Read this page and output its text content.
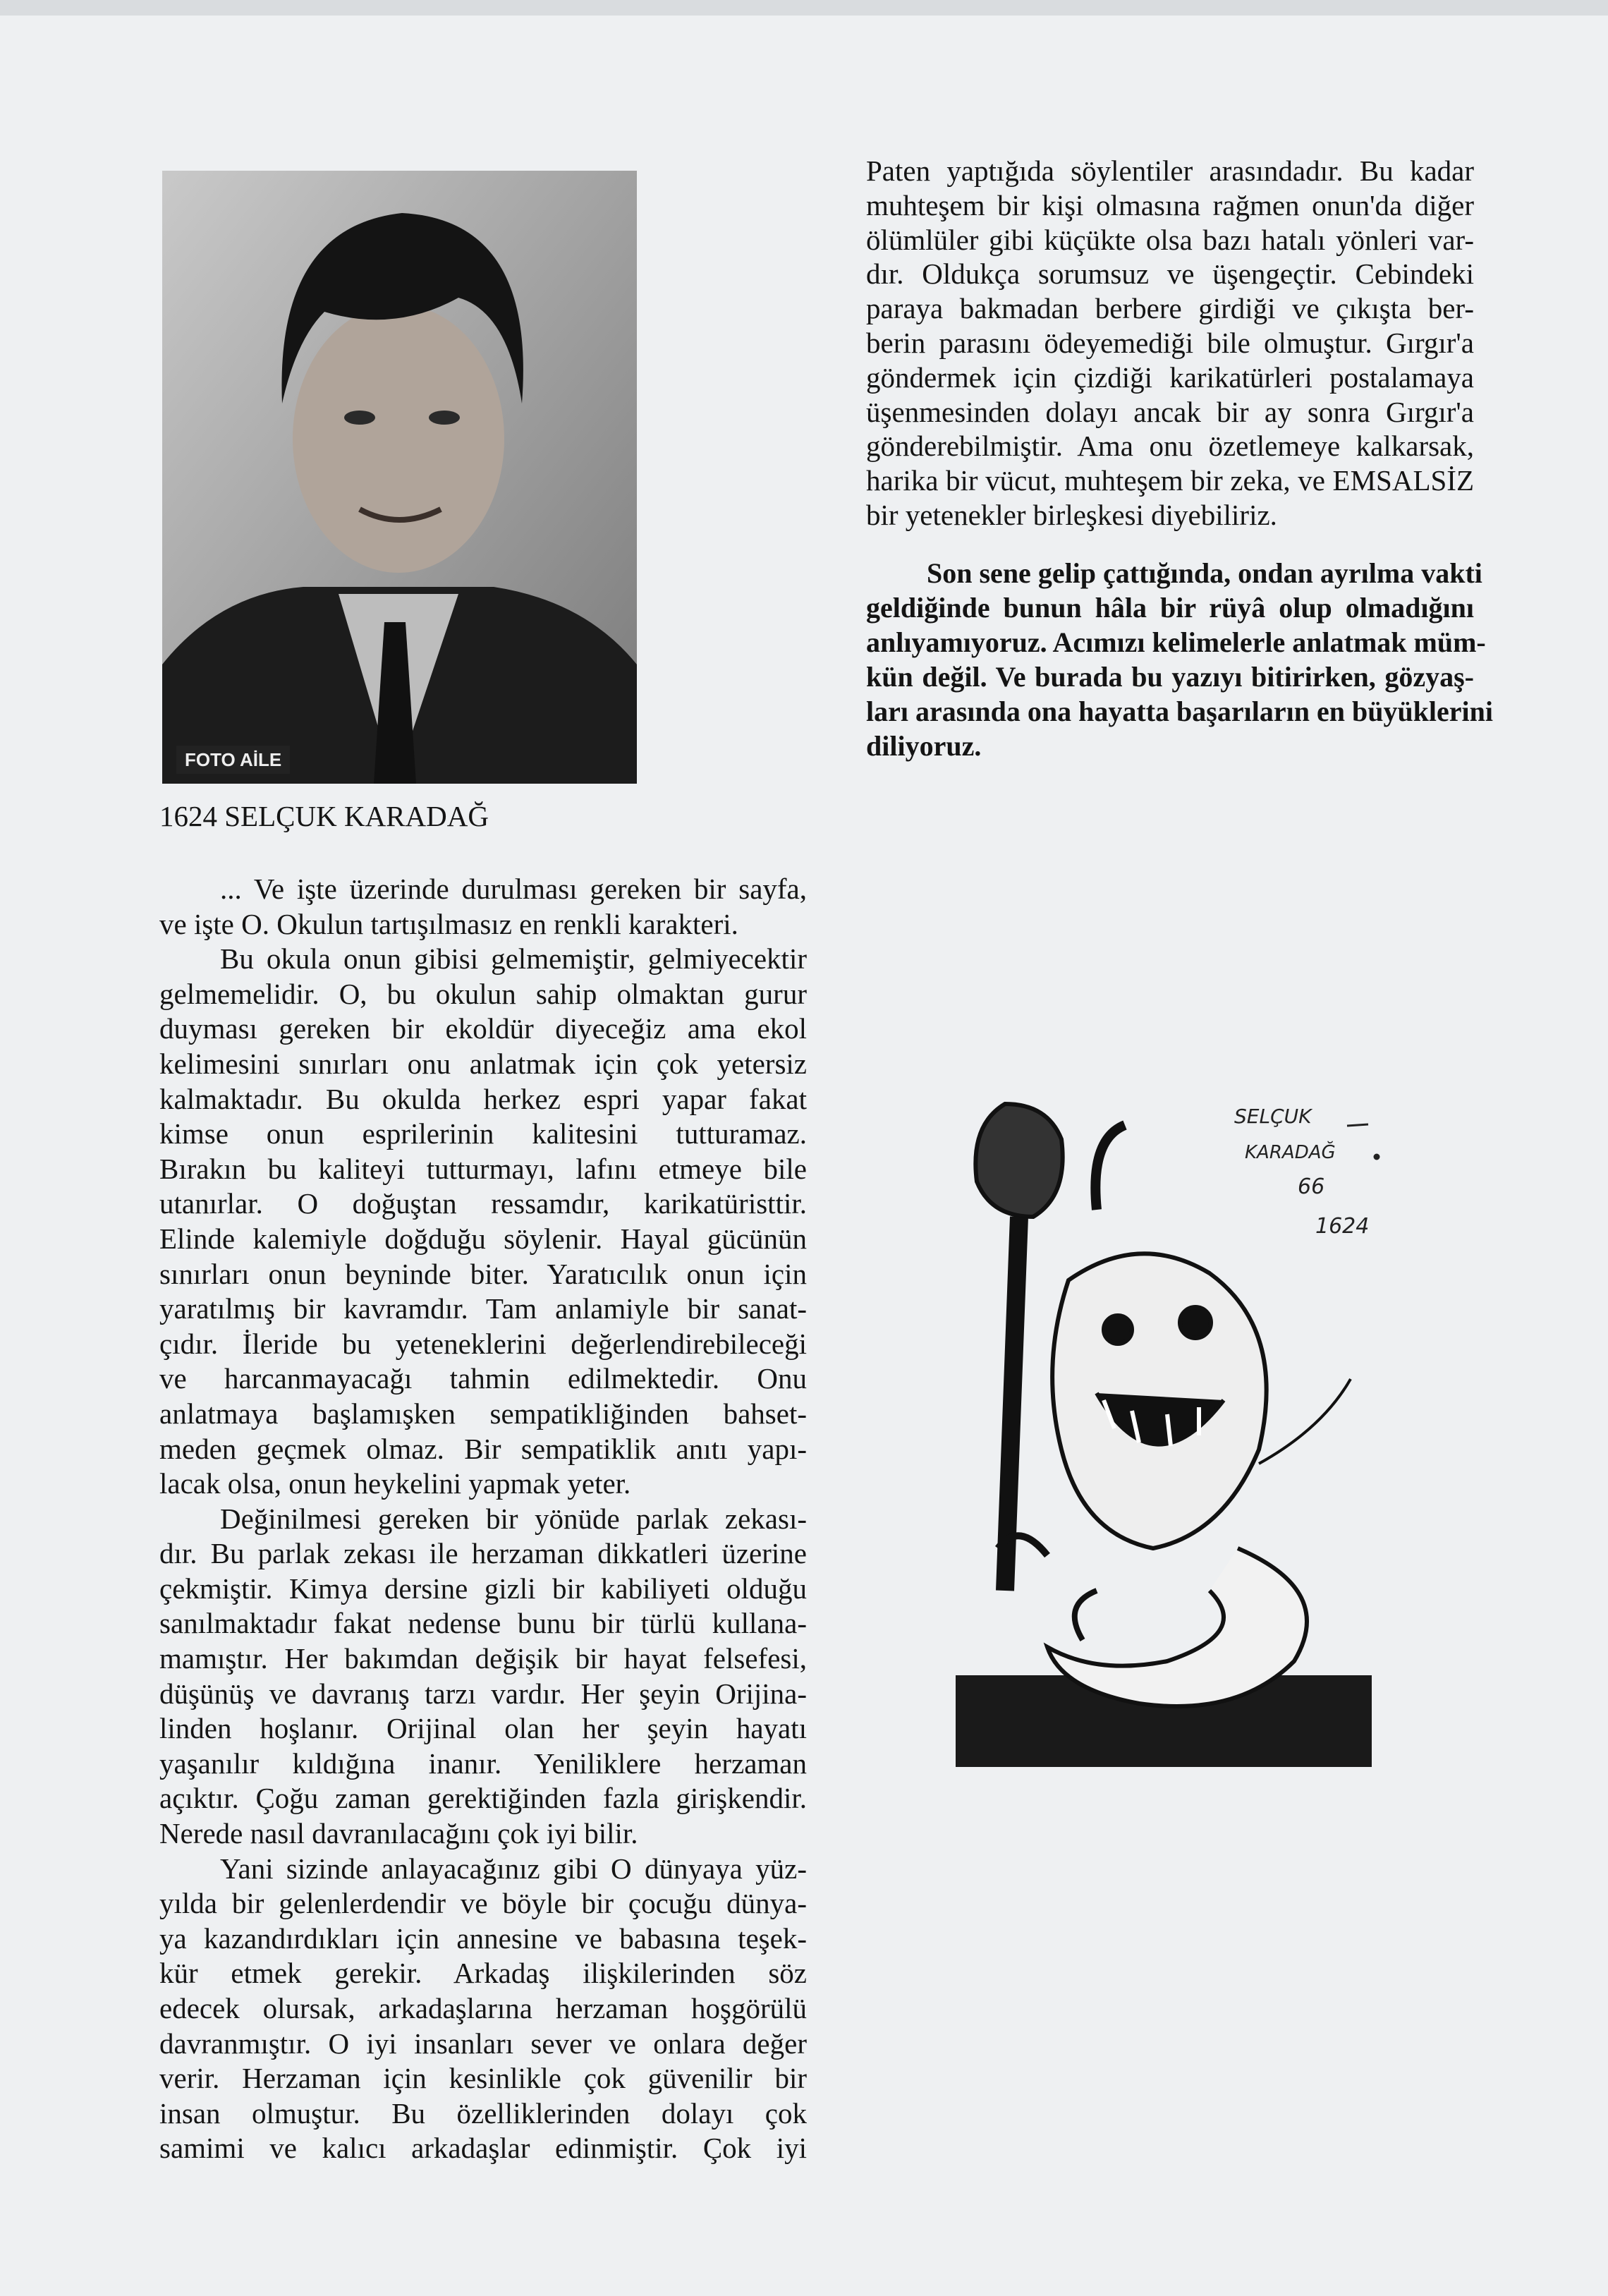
FOTO AİLE
1624 SELÇUK KARADAĞ
... Ve işte üzerinde durulması gereken bir sayfa,
ve işte O. Okulun tartışılmasız en renkli karakteri.
Bu okula onun gibisi gelmemiştir, gelmiyecektir
gelmemelidir. O, bu okulun sahip olmaktan gurur
duyması gereken bir ekoldür diyeceğiz ama ekol
kelimesini sınırları onu anlatmak için çok yetersiz
kalmaktadır. Bu okulda herkez espri yapar fakat
kimse onun esprilerinin kalitesini tutturamaz.
Bırakın bu kaliteyi tutturmayı, lafını etmeye bile
utanırlar. O doğuştan ressamdır, karikatüristtir.
Elinde kalemiyle doğduğu söylenir. Hayal gücünün
sınırları onun beyninde biter. Yaratıcılık onun için
yaratılmış bir kavramdır. Tam anlamiyle bir sanat-
çıdır. İleride bu yeteneklerini değerlendirebileceği
ve harcanmayacağı tahmin edilmektedir. Onu
anlatmaya başlamışken sempatikliğinden bahset-
meden geçmek olmaz. Bir sempatiklik anıtı yapı-
lacak olsa, onun heykelini yapmak yeter.
Değinilmesi gereken bir yönüde parlak zekası-
dır. Bu parlak zekası ile herzaman dikkatleri üzerine
çekmiştir. Kimya dersine gizli bir kabiliyeti olduğu
sanılmaktadır fakat nedense bunu bir türlü kullana-
mamıştır. Her bakımdan değişik bir hayat felsefesi,
düşünüş ve davranış tarzı vardır. Her şeyin Orijina-
linden hoşlanır. Orijinal olan her şeyin hayatı
yaşanılır kıldığına inanır. Yeniliklere herzaman
açıktır. Çoğu zaman gerektiğinden fazla girişkendir.
Nerede nasıl davranılacağını çok iyi bilir.
Yani sizinde anlayacağınız gibi O dünyaya yüz-
yılda bir gelenlerdendir ve böyle bir çocuğu dünya-
ya kazandırdıkları için annesine ve babasına teşek-
kür etmek gerekir. Arkadaş ilişkilerinden söz
edecek olursak, arkadaşlarına herzaman hoşgörülü
davranmıştır. O iyi insanları sever ve onlara değer
verir. Herzaman için kesinlikle çok güvenilir bir
insan olmuştur. Bu özelliklerinden dolayı çok
samimi ve kalıcı arkadaşlar edinmiştir. Çok iyi
Paten yaptığıda söylentiler arasındadır. Bu kadar
muhteşem bir kişi olmasına rağmen onun'da diğer
ölümlüler gibi küçükte olsa bazı hatalı yönleri var-
dır. Oldukça sorumsuz ve üşengeçtir. Cebindeki
paraya bakmadan berbere girdiği ve çıkışta ber-
berin parasını ödeyemediği bile olmuştur. Gırgır'a
göndermek için çizdiği karikatürleri postalamaya
üşenmesinden dolayı ancak bir ay sonra Gırgır'a
gönderebilmiştir. Ama onu özetlemeye kalkarsak,
harika bir vücut, muhteşem bir zeka, ve EMSALSİZ
bir yetenekler birleşkesi diyebiliriz.
Son sene gelip çattığında, ondan ayrılma vakti
geldiğinde bunun hâla bir rüyâ olup olmadığını
anlıyamıyoruz. Acımızı kelimelerle anlatmak müm-
kün değil. Ve burada bu yazıyı bitirirken, gözyaş-
ları arasında ona hayatta başarıların en büyüklerini
diliyoruz.
SELÇUK
KARADAĞ
66
1624
